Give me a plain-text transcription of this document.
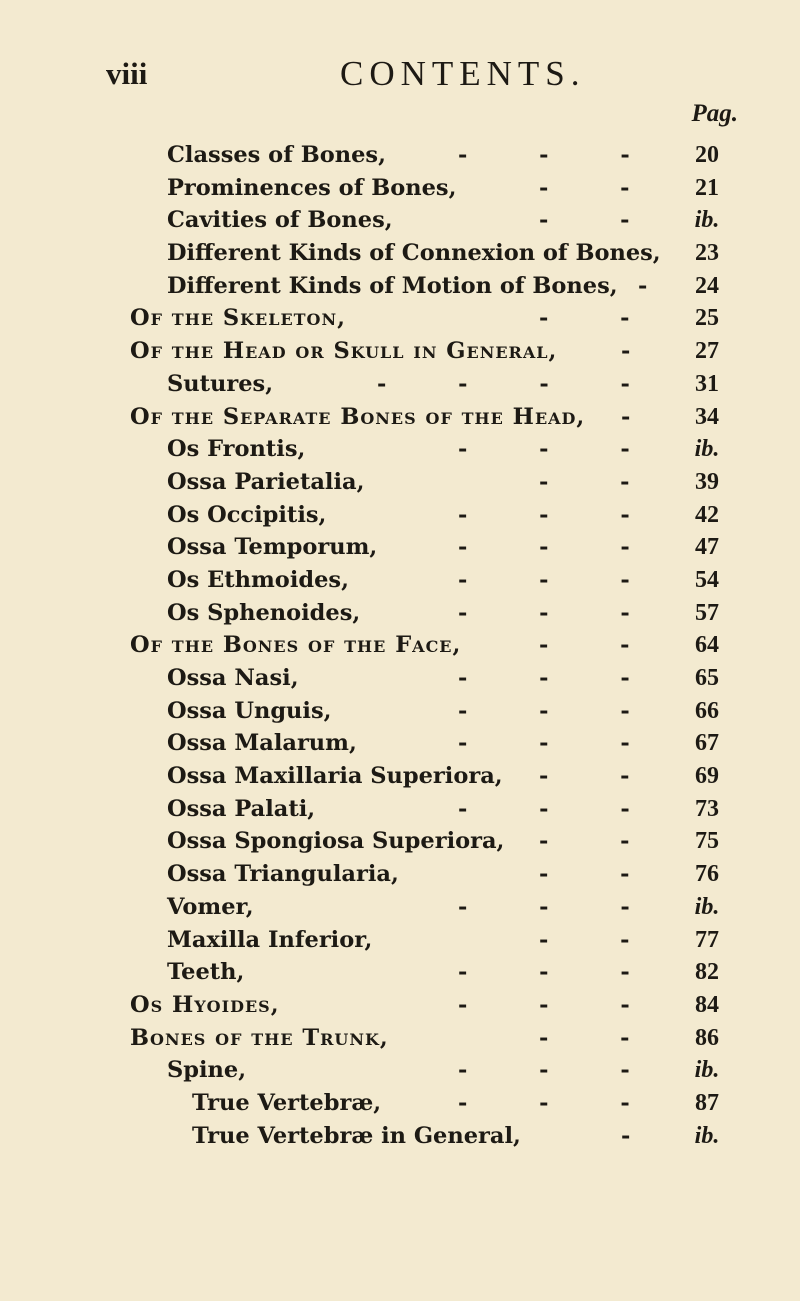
viii	CONTENTS.
Pag.
Classes of Bones,	- - -	20
Prominences of Bones,	- -	21
Cavities of Bones,	- -	ib.
Different Kinds of Connexion of Bones,	23
Different Kinds of Motion of Bones, - 24
Of the Skeleton,	- -	25
Of the Head or Skull in General,	-	27
Sutures,	- - - -	31
Of the Separate Bones of the Head, -	34
Os Frontis,	- - -	ib.
Ossa Parietalia,	- -	39
Os Occipitis,	- - -	42
Ossa Temporum,	- - -	47
Os Ethmoides,	- - -	54
Os Sphenoides,	- - -	57
Of the Bones of the Face,	- -	64
Ossa Nasi,	- - -	65
Ossa Unguis,	- - -	66
Ossa Malarum,	- - -	67
Ossa Maxillaria Superiora, - -	69
Ossa Palati,	- - -	73
Ossa Spongiosa Superiora, - -	75
Ossa Triangularia,	- -	76
Vomer,	- - -	ib.
Maxilla Inferior,	- -	77
Teeth,	- - -	82
Os Hyoides,	- - -	84
Bones of the Trunk,	- -	86
Spine,	- - -	ib.
True Vertebræ,	- - -	87
True Vertebræ in General,	-	ib.
